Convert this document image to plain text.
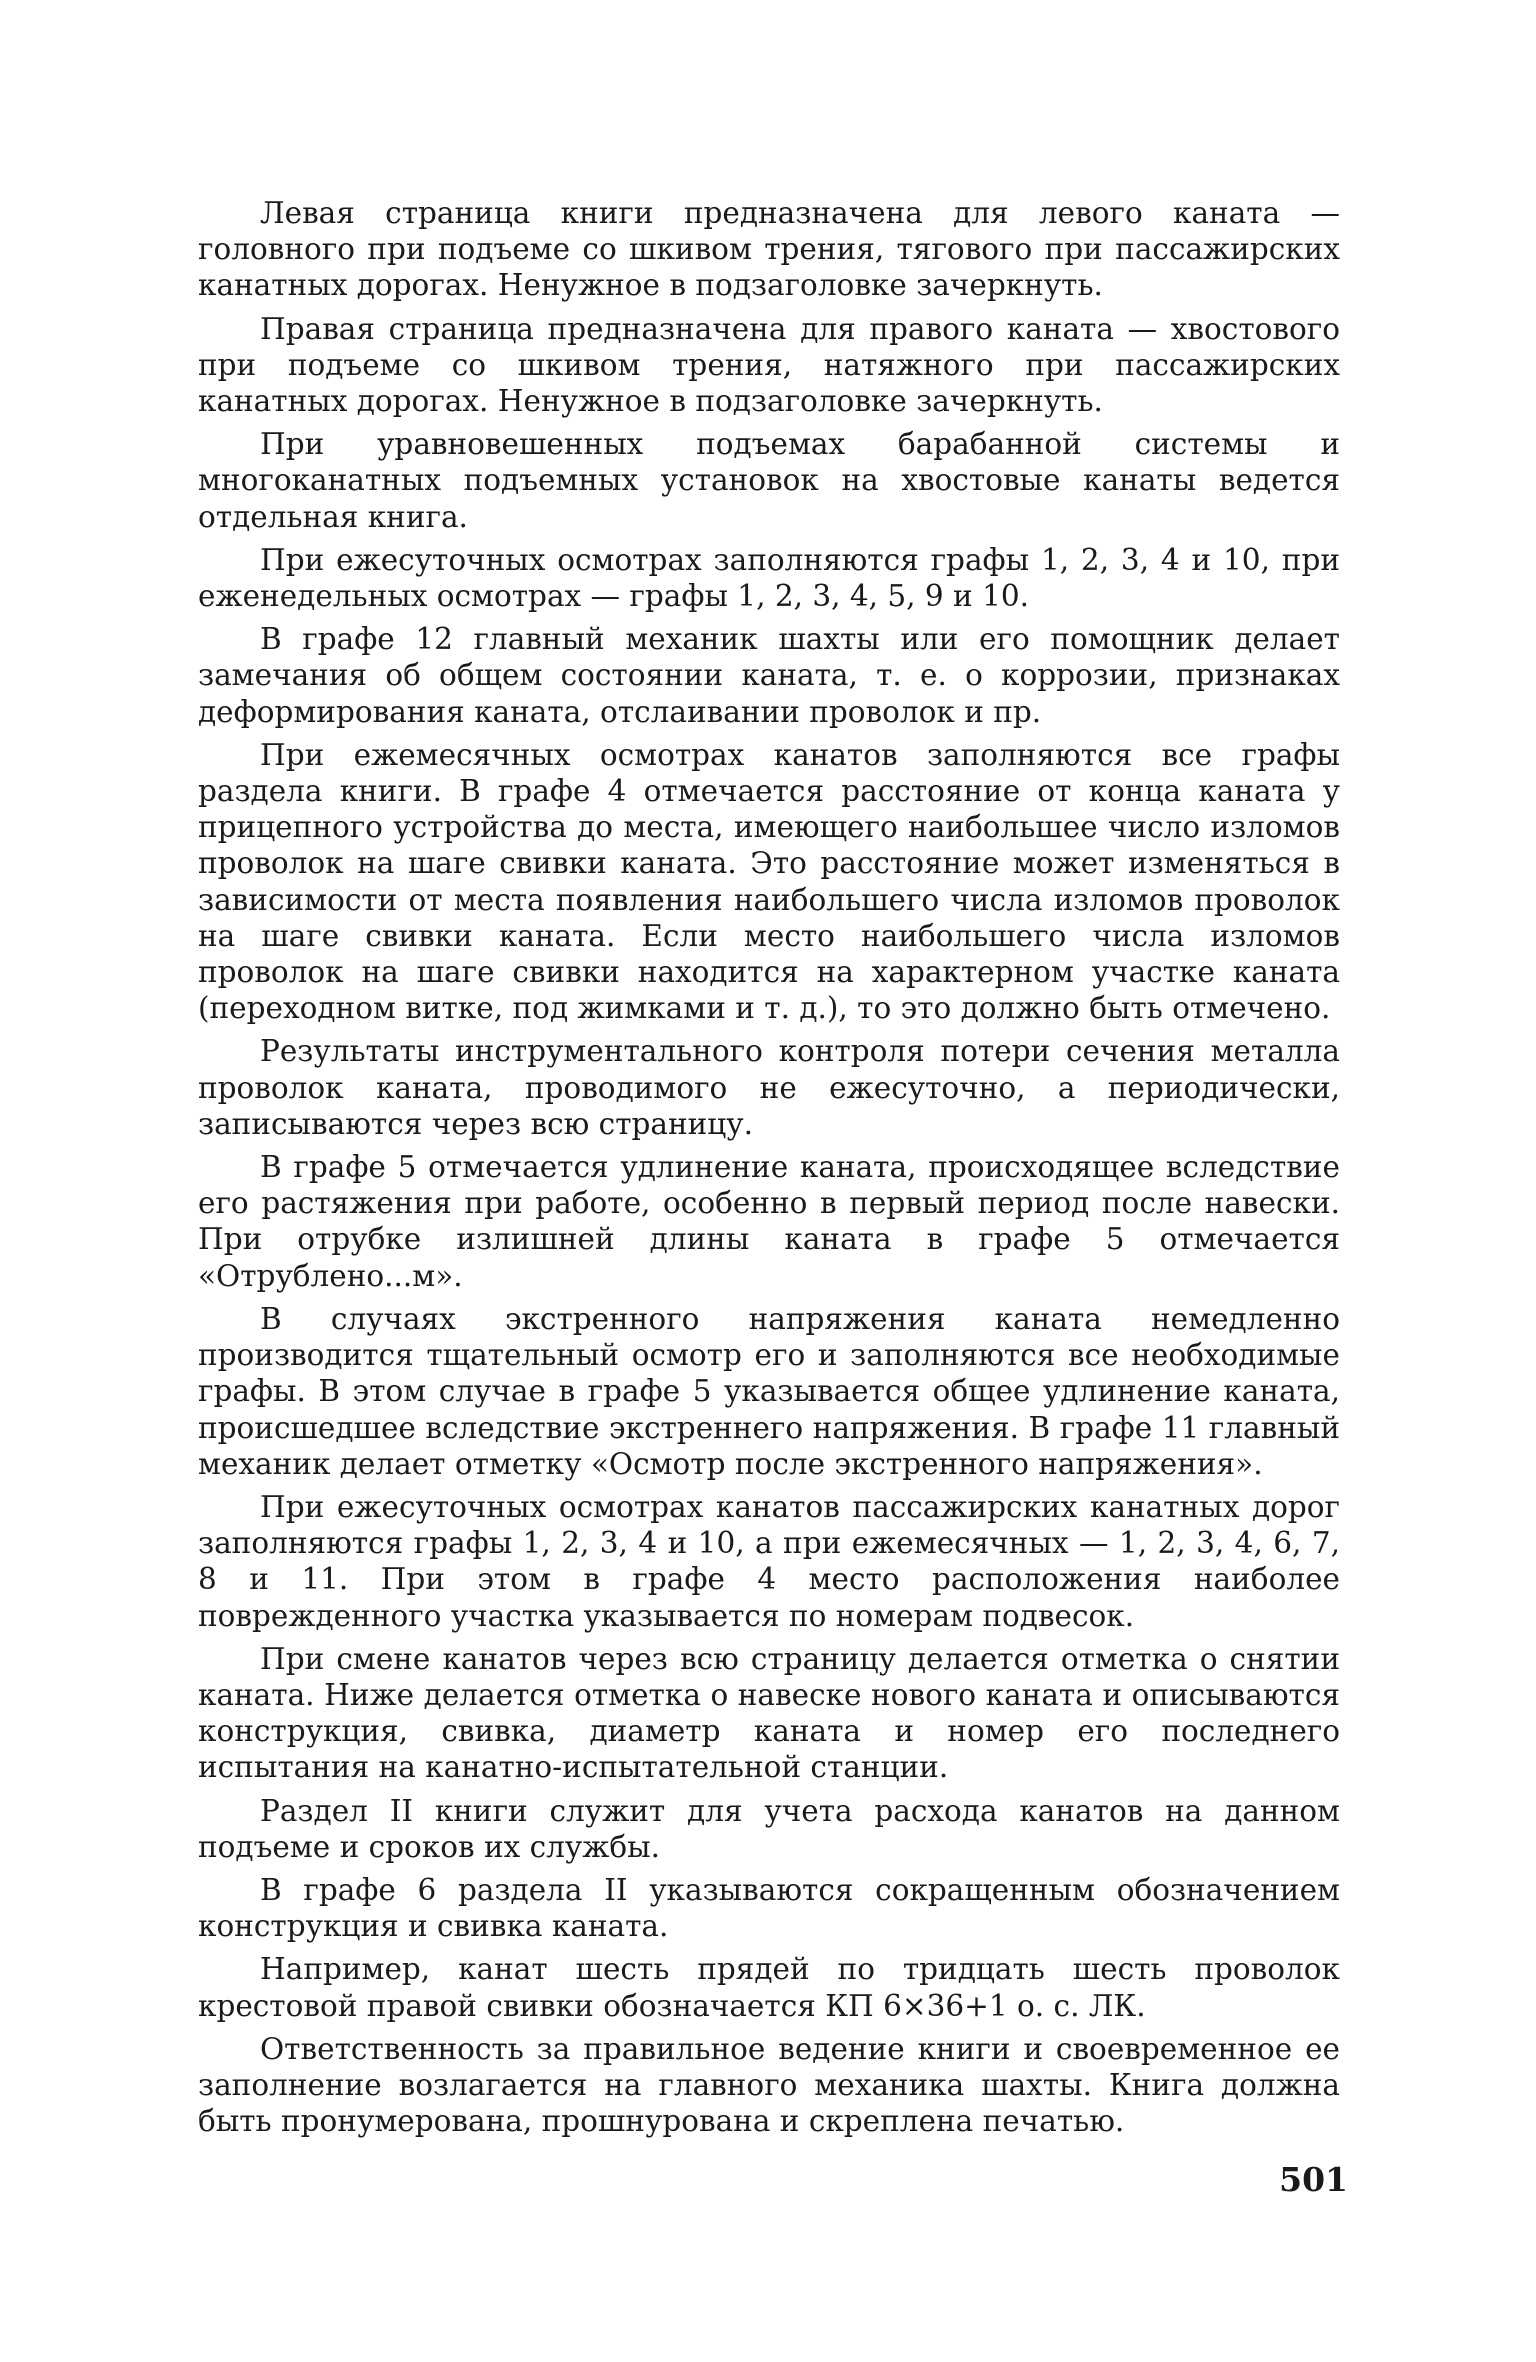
Левая страница книги предназначена для левого каната — головного при подъеме со шкивом трения, тягового при пассажирских канатных дорогах. Ненужное в подзаголовке зачеркнуть.

Правая страница предназначена для правого каната — хвостового при подъеме со шкивом трения, натяжного при пассажирских канатных дорогах. Ненужное в подзаголовке зачеркнуть.

При уравновешенных подъемах барабанной системы и многоканатных подъемных установок на хвостовые канаты ведется отдельная книга.

При ежесуточных осмотрах заполняются графы 1, 2, 3, 4 и 10, при еженедельных осмотрах — графы 1, 2, 3, 4, 5, 9 и 10.

В графе 12 главный механик шахты или его помощник делает замечания об общем состоянии каната, т. е. о коррозии, признаках деформирования каната, отслаивании проволок и пр.

При ежемесячных осмотрах канатов заполняются все графы раздела книги. В графе 4 отмечается расстояние от конца каната у прицепного устройства до места, имеющего наибольшее число изломов проволок на шаге свивки каната. Это расстояние может изменяться в зависимости от места появления наибольшего числа изломов проволок на шаге свивки каната. Если место наибольшего числа изломов проволок на шаге свивки находится на характерном участке каната (переходном витке, под жимками и т. д.), то это должно быть отмечено.

Результаты инструментального контроля потери сечения металла проволок каната, проводимого не ежесуточно, а периодически, записываются через всю страницу.

В графе 5 отмечается удлинение каната, происходящее вследствие его растяжения при работе, особенно в первый период после навески. При отрубке излишней длины каната в графе 5 отмечается «Отрублено...м».

В случаях экстренного напряжения каната немедленно производится тщательный осмотр его и заполняются все необходимые графы. В этом случае в графе 5 указывается общее удлинение каната, происшедшее вследствие экстреннего напряжения. В графе 11 главный механик делает отметку «Осмотр после экстренного напряжения».

При ежесуточных осмотрах канатов пассажирских канатных дорог заполняются графы 1, 2, 3, 4 и 10, а при ежемесячных — 1, 2, 3, 4, 6, 7, 8 и 11. При этом в графе 4 место расположения наиболее поврежденного участка указывается по номерам подвесок.

При смене канатов через всю страницу делается отметка о снятии каната. Ниже делается отметка о навеске нового каната и описываются конструкция, свивка, диаметр каната и номер его последнего испытания на канатно-испытательной станции.

Раздел II книги служит для учета расхода канатов на данном подъеме и сроков их службы.

В графе 6 раздела II указываются сокращенным обозначением конструкция и свивка каната.

Например, канат шесть прядей по тридцать шесть проволок крестовой правой свивки обозначается КП 6×36+1 о. с. ЛК.

Ответственность за правильное ведение книги и своевременное ее заполнение возлагается на главного механика шахты. Книга должна быть пронумерована, прошнурована и скреплена печатью.

501
